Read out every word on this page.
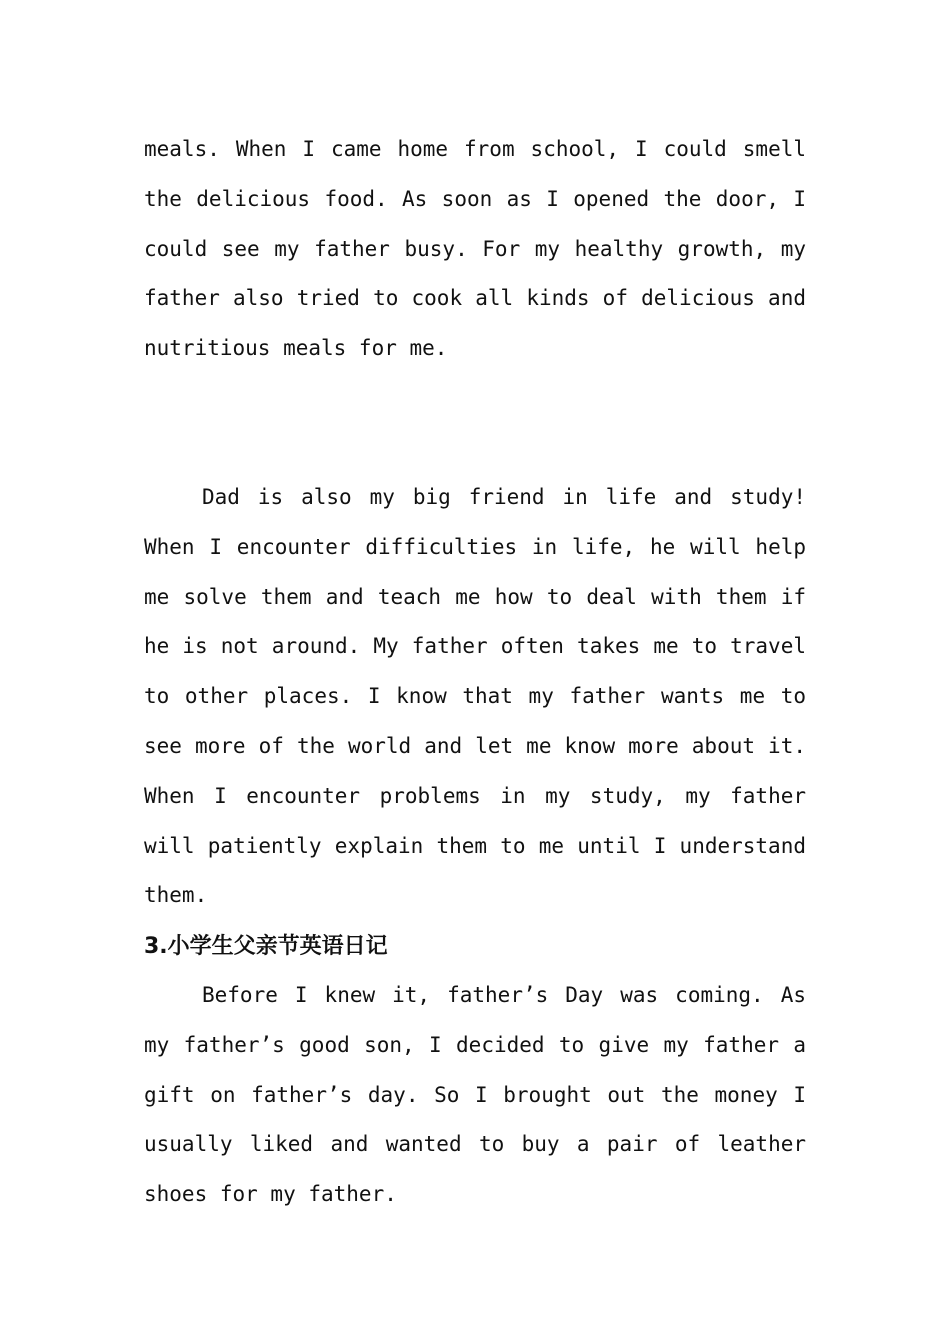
meals. When I came home from school, I could smell the delicious food. As soon as I opened the door, I could see my father busy. For my healthy growth, my father also tried to cook all kinds of delicious and nutritious meals for me.

Dad is also my big friend in life and study! When I encounter difficulties in life, he will help me solve them and teach me how to deal with them if he is not around. My father often takes me to travel to other places. I know that my father wants me to see more of the world and let me know more about it. When I encounter problems in my study, my father will patiently explain them to me until I understand them.

3.小学生父亲节英语日记

Before I knew it, father’s Day was coming. As my father’s good son, I decided to give my father a gift on father’s day. So I brought out the money I usually liked and wanted to buy a pair of leather shoes for my father.
